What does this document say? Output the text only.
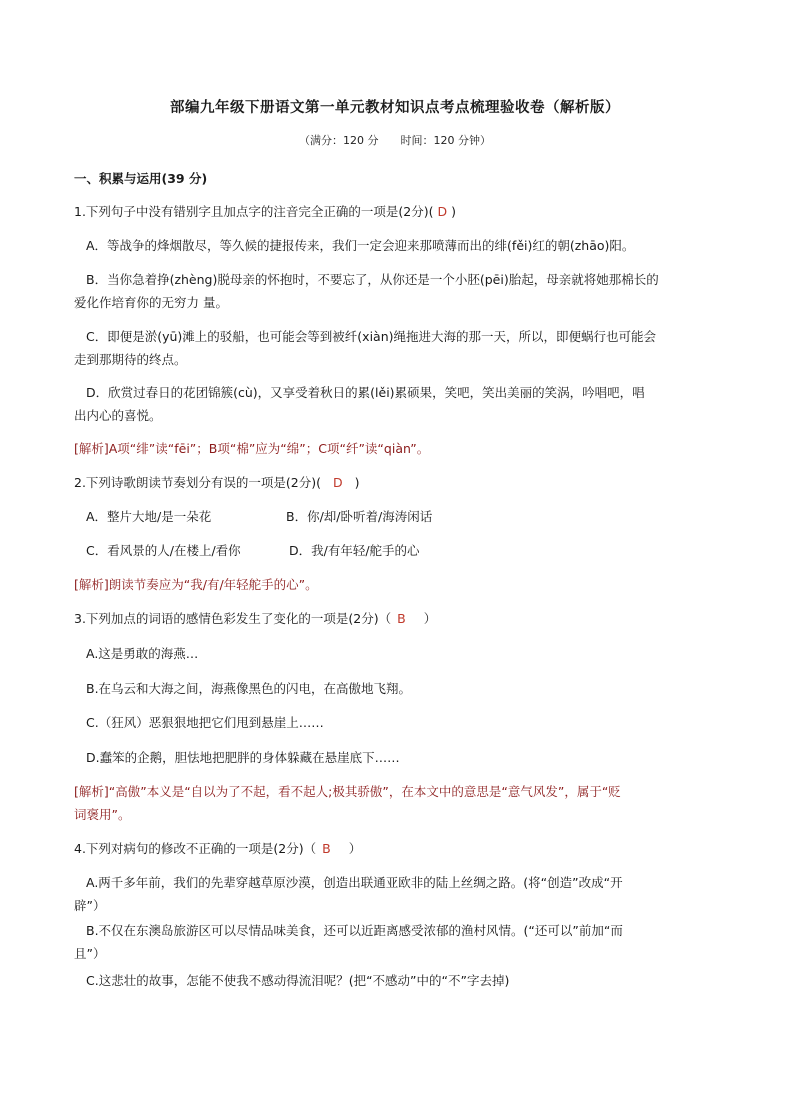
部编九年级下册语文第一单元教材知识点考点梳理验收卷（解析版）
（满分：120 分　　时间：120 分钟）
一、积累与运用(39 分)
1.下列句子中没有错别字且加点字的注音完全正确的一项是(2分)( D )
A．等战争的烽烟散尽，等久候的捷报传来，我们一定会迎来那喷薄而出的绯(fěi)红的朝(zhāo)阳。
B．当你急着挣(zhèng)脱母亲的怀抱时，不要忘了，从你还是一个小胚(pēi)胎起，母亲就将她那棉长的
爱化作培育你的无穷力 量。
C．即便是淤(yū)滩上的驳船，也可能会等到被纤(xiàn)绳拖进大海的那一天，所以，即便蜗行也可能会
走到那期待的终点。
D．欣赏过春日的花团锦簇(cù)，又享受着秋日的累(lěi)累硕果，笑吧，笑出美丽的笑涡，吟唱吧，唱
出内心的喜悦。
[解析]A项“绯”读“fēi”；B项“棉”应为“绵”；C项“纤”读“qiàn”。
2.下列诗歌朗读节奏划分有误的一项是(2分)( D )
A．整片大地/是一朵花	B．你/却/卧听着/海涛闲话
C．看风景的人/在楼上/看你	D．我/有年轻/舵手的心
[解析]朗读节奏应为“我/有/年轻舵手的心”。
3.下列加点的词语的感情色彩发生了变化的一项是(2分)（ B ）
A.这是勇敢的海燕…
B.在乌云和大海之间，海燕像黑色的闪电，在高傲地飞翔。
C.（狂风）恶狠狠地把它们甩到悬崖上……
D.蠢笨的企鹅，胆怯地把肥胖的身体躲藏在悬崖底下……
[解析]“高傲”本义是“自以为了不起，看不起人;极其骄傲”，在本文中的意思是“意气风发”，属于“贬
词褒用”。
4.下列对病句的修改不正确的一项是(2分)（ B ）
A.两千多年前，我们的先辈穿越草原沙漠，创造出联通亚欧非的陆上丝绸之路。(将“创造”改成“开
辟”）
B.不仅在东澳岛旅游区可以尽情品味美食，还可以近距离感受浓郁的渔村风情。(“还可以”前加“而
且”）
C.这悲壮的故事，怎能不使我不感动得流泪呢？(把“不感动”中的“不”字去掉)
